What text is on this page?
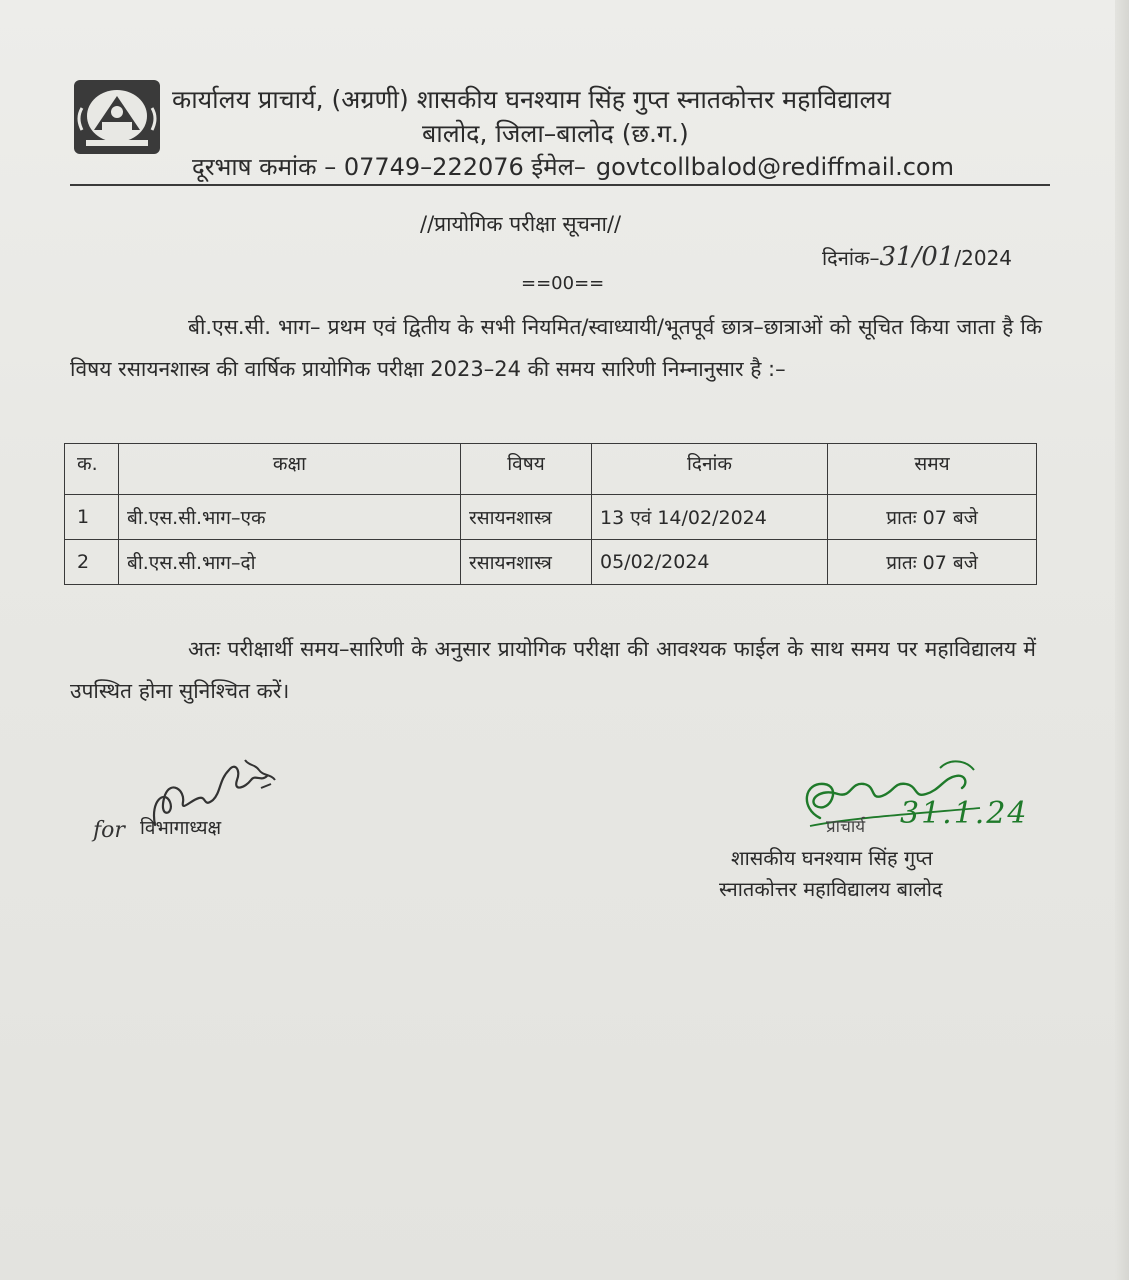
कार्यालय प्राचार्य, (अग्रणी) शासकीय घनश्याम सिंह गुप्त स्नातकोत्तर महाविद्यालय
बालोद, जिला–बालोद (छ.ग.)
दूरभाष कमांक – 07749–222076 ईमेल– govtcollbalod@rediffmail.com
//प्रायोगिक परीक्षा सूचना//
दिनांक–31/01/2024
==00==
बी.एस.सी. भाग– प्रथम एवं द्वितीय के सभी नियमित/स्वाध्यायी/भूतपूर्व छात्र–छात्राओं को सूचित किया जाता है कि विषय रसायनशास्त्र की वार्षिक प्रायोगिक परीक्षा 2023–24 की समय सारिणी निम्नानुसार है :–
क.	कक्षा	विषय	दिनांक	समय
1	बी.एस.सी.भाग–एक	रसायनशास्त्र	13 एवं 14/02/2024	प्रातः 07 बजे
2	बी.एस.सी.भाग–दो	रसायनशास्त्र	05/02/2024	प्रातः 07 बजे
अतः परीक्षार्थी समय–सारिणी के अनुसार प्रायोगिक परीक्षा की आवश्यक फाईल के साथ समय पर महाविद्यालय में उपस्थित होना सुनिश्चित करें।
for विभागाध्यक्ष	प्राचार्य 31.1.24
शासकीय घनश्याम सिंह गुप्त
स्नातकोत्तर महाविद्यालय बालोद
